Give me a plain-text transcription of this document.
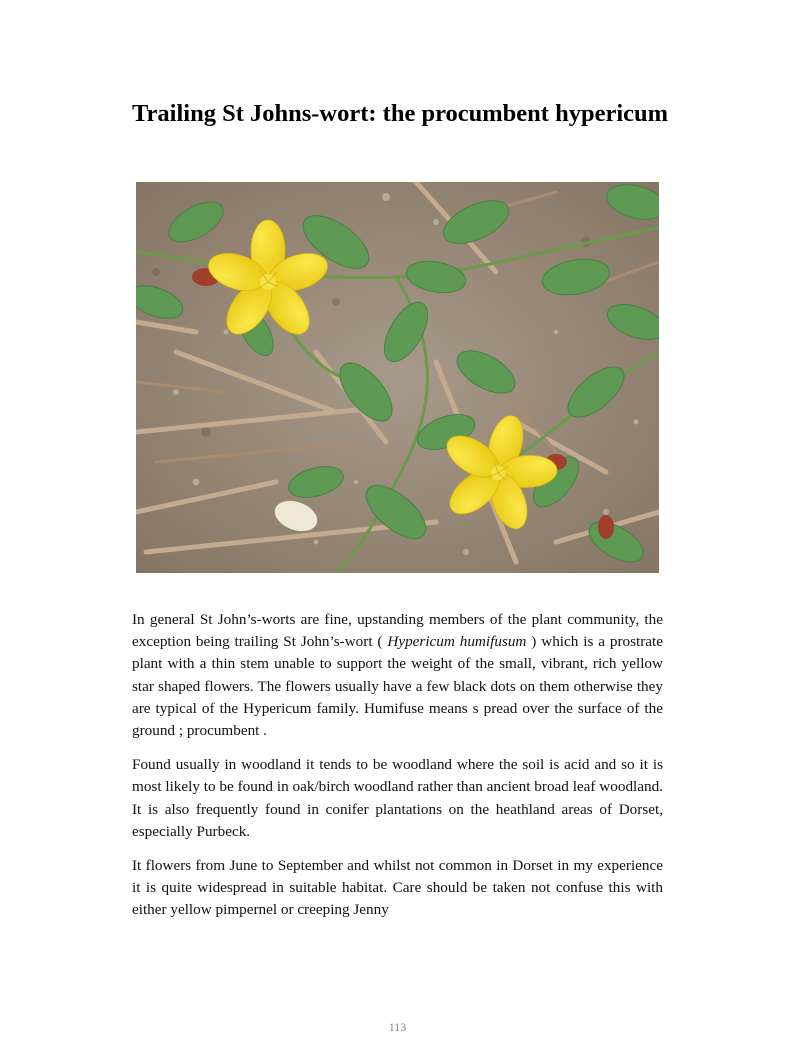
Trailing St Johns-wort: the procumbent hypericum

In general St John’s-worts are fine, upstanding members of the plant community, the exception being trailing St John’s-wort ( Hypericum humifusum ) which is a prostrate plant with a thin stem unable to support the weight of the small, vibrant, rich yellow star shaped flowers. The flowers usually have a few black dots on them otherwise they are typical of the Hypericum family. Humifuse means s pread over the surface of the ground ; procumbent .

Found usually in woodland it tends to be woodland where the soil is acid and so it is most likely to be found in oak/birch woodland rather than ancient broad leaf woodland. It is also frequently found in conifer plantations on the heathland areas of Dorset, especially Purbeck.

It flowers from June to September and whilst not common in Dorset in my experience it is quite widespread in suitable habitat. Care should be taken not confuse this with either yellow pimpernel or creeping Jenny

113
